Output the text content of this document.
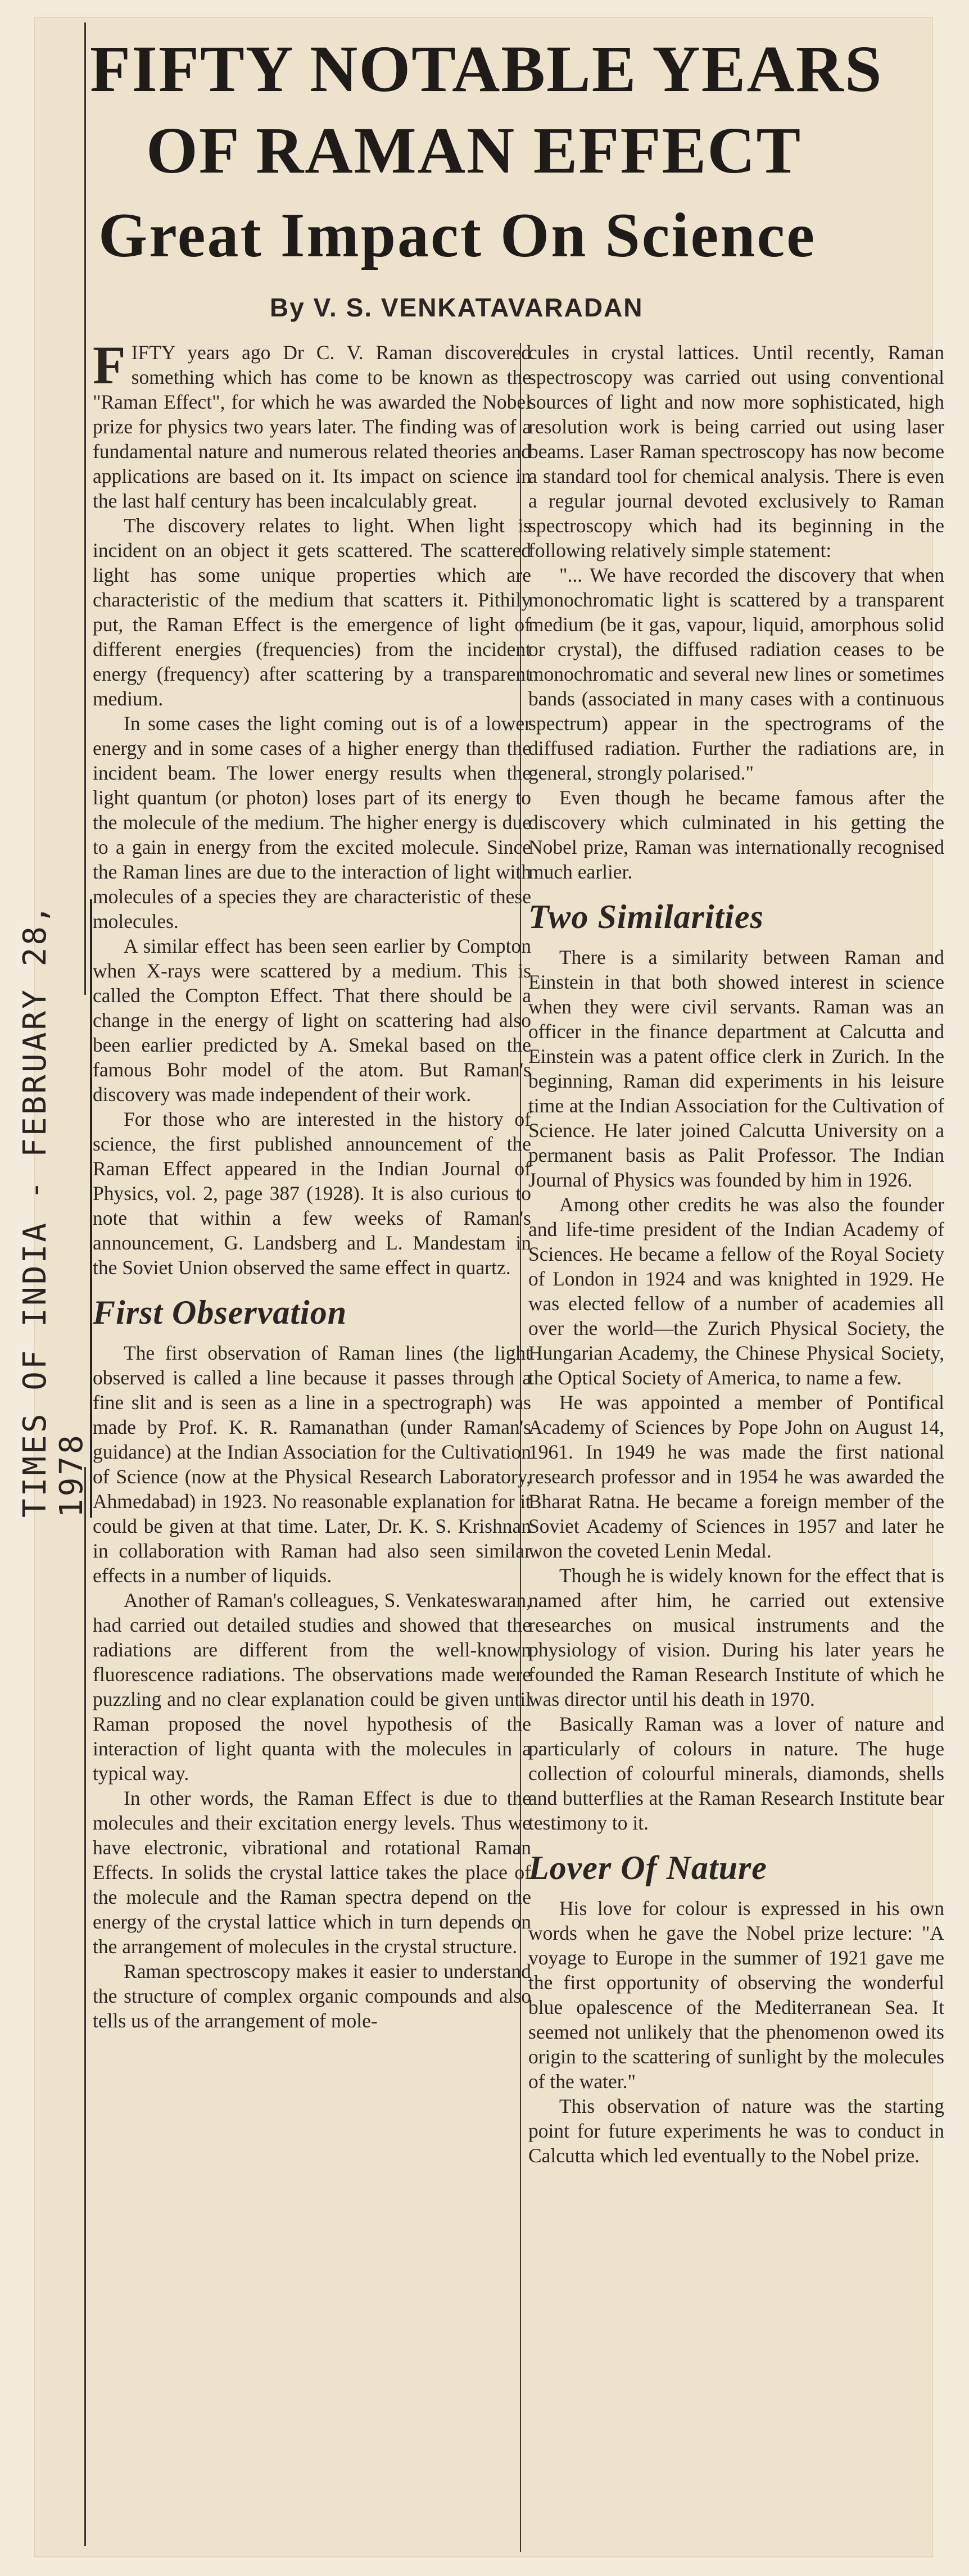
FIFTY NOTABLE YEARS
OF RAMAN EFFECT
Great Impact On Science
By V. S. VENKATAVARADAN
TIMES OF INDIA - FEBRUARY 28, 1978

FIFTY years ago Dr C. V. Raman discovered something which has come to be known as the "Raman Effect", for which he was awarded the Nobel prize for physics two years later. The finding was of a fundamental nature and numerous related theories and applications are based on it. Its impact on science in the last half century has been incalculably great.

The discovery relates to light. When light is incident on an object it gets scattered. The scattered light has some unique properties which are characteristic of the medium that scatters it. Pithily put, the Raman Effect is the emergence of light of different energies (frequencies) from the incident energy (frequency) after scattering by a transparent medium.

In some cases the light coming out is of a lower energy and in some cases of a higher energy than the incident beam. The lower energy results when the light quantum (or photon) loses part of its energy to the molecule of the medium. The higher energy is due to a gain in energy from the excited molecule. Since the Raman lines are due to the interaction of light with molecules of a species they are characteristic of these molecules.

A similar effect has been seen earlier by Compton when X-rays were scattered by a medium. This is called the Compton Effect. That there should be a change in the energy of light on scattering had also been earlier predicted by A. Smekal based on the famous Bohr model of the atom. But Raman's discovery was made independent of their work.

For those who are interested in the history of science, the first published announcement of the Raman Effect appeared in the Indian Journal of Physics, vol. 2, page 387 (1928). It is also curious to note that within a few weeks of Raman's announcement, G. Landsberg and L. Mandestam in the Soviet Union observed the same effect in quartz.

First Observation

The first observation of Raman lines (the light observed is called a line because it passes through a fine slit and is seen as a line in a spectrograph) was made by Prof. K. R. Ramanathan (under Raman's guidance) at the Indian Association for the Cultivation of Science (now at the Physical Research Laboratory, Ahmedabad) in 1923. No reasonable explanation for it could be given at that time. Later, Dr. K. S. Krishnan in collaboration with Raman had also seen similar effects in a number of liquids.

Another of Raman's colleagues, S. Venkateswaran, had carried out detailed studies and showed that the radiations are different from the well-known fluorescence radiations. The observations made were puzzling and no clear explanation could be given until Raman proposed the novel hypothesis of the interaction of light quanta with the molecules in a typical way.

In other words, the Raman Effect is due to the molecules and their excitation energy levels. Thus we have electronic, vibrational and rotational Raman Effects. In solids the crystal lattice takes the place of the molecule and the Raman spectra depend on the energy of the crystal lattice which in turn depends on the arrangement of molecules in the crystal structure.

Raman spectroscopy makes it easier to understand the structure of complex organic compounds and also tells us of the arrangement of mole-

cules in crystal lattices. Until recently, Raman spectroscopy was carried out using conventional sources of light and now more sophisticated, high resolution work is being carried out using laser beams. Laser Raman spectroscopy has now become a standard tool for chemical analysis. There is even a regular journal devoted exclusively to Raman spectroscopy which had its beginning in the following relatively simple statement:

"... We have recorded the discovery that when monochromatic light is scattered by a transparent medium (be it gas, vapour, liquid, amorphous solid or crystal), the diffused radiation ceases to be monochromatic and several new lines or sometimes bands (associated in many cases with a continuous spectrum) appear in the spectrograms of the diffused radiation. Further the radiations are, in general, strongly polarised."

Even though he became famous after the discovery which culminated in his getting the Nobel prize, Raman was internationally recognised much earlier.

Two Similarities

There is a similarity between Raman and Einstein in that both showed interest in science when they were civil servants. Raman was an officer in the finance department at Calcutta and Einstein was a patent office clerk in Zurich. In the beginning, Raman did experiments in his leisure time at the Indian Association for the Cultivation of Science. He later joined Calcutta University on a permanent basis as Palit Professor. The Indian Journal of Physics was founded by him in 1926.

Among other credits he was also the founder and life-time president of the Indian Academy of Sciences. He became a fellow of the Royal Society of London in 1924 and was knighted in 1929. He was elected fellow of a number of academies all over the world—the Zurich Physical Society, the Hungarian Academy, the Chinese Physical Society, the Optical Society of America, to name a few.

He was appointed a member of Pontifical Academy of Sciences by Pope John on August 14, 1961. In 1949 he was made the first national research professor and in 1954 he was awarded the Bharat Ratna. He became a foreign member of the Soviet Academy of Sciences in 1957 and later he won the coveted Lenin Medal.

Though he is widely known for the effect that is named after him, he carried out extensive researches on musical instruments and the physiology of vision. During his later years he founded the Raman Research Institute of which he was director until his death in 1970.

Basically Raman was a lover of nature and particularly of colours in nature. The huge collection of colourful minerals, diamonds, shells and butterflies at the Raman Research Institute bear testimony to it.

Lover Of Nature

His love for colour is expressed in his own words when he gave the Nobel prize lecture: "A voyage to Europe in the summer of 1921 gave me the first opportunity of observing the wonderful blue opalescence of the Mediterranean Sea. It seemed not unlikely that the phenomenon owed its origin to the scattering of sunlight by the molecules of the water."

This observation of nature was the starting point for future experiments he was to conduct in Calcutta which led eventually to the Nobel prize.
